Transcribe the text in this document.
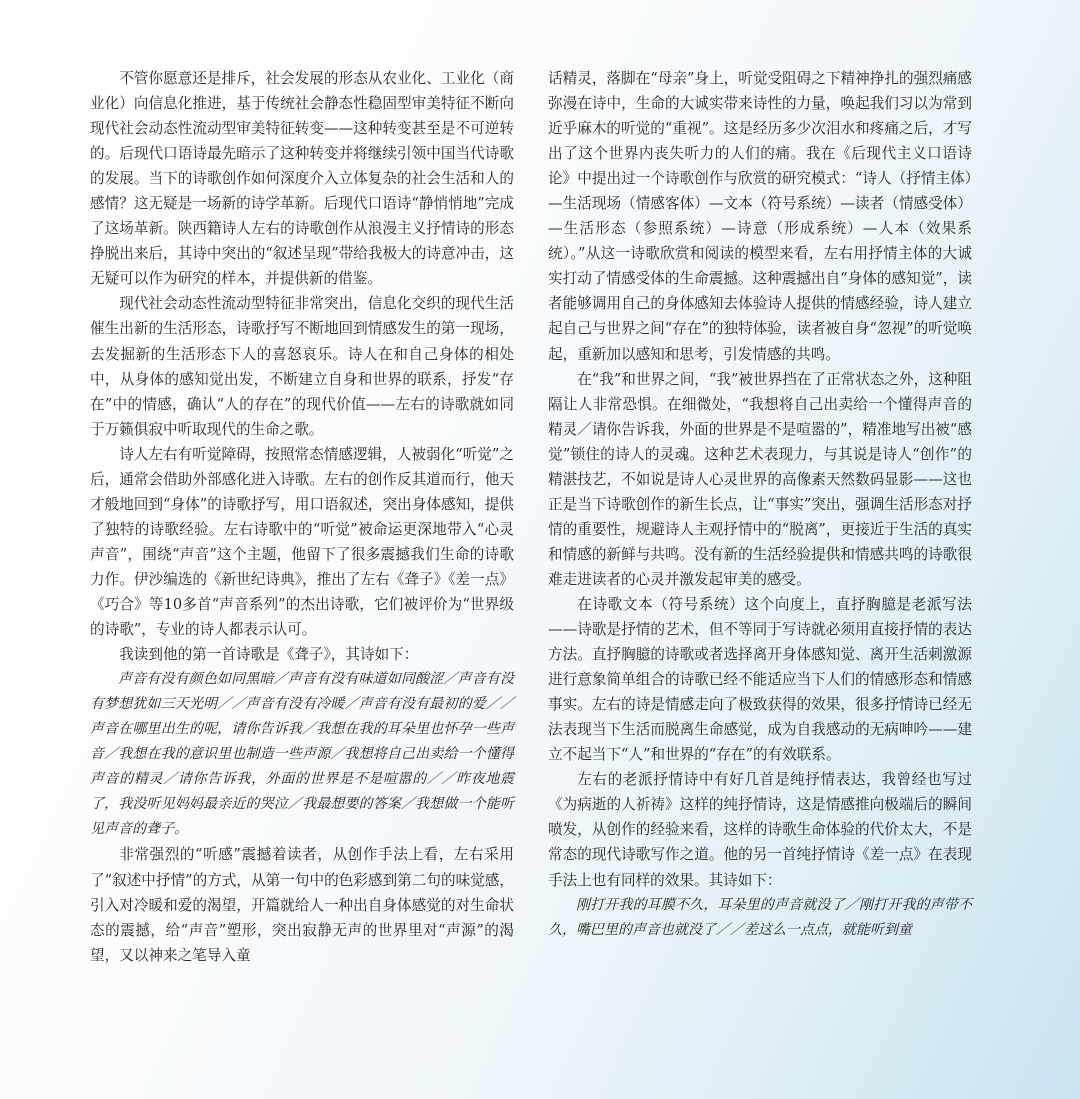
不管你愿意还是排斥，社会发展的形态从农业化、工业化（商业化）向信息化推进，基于传统社会静态性稳固型审美特征不断向现代社会动态性流动型审美特征转变——这种转变甚至是不可逆转的。后现代口语诗最先暗示了这种转变并将继续引领中国当代诗歌的发展。当下的诗歌创作如何深度介入立体复杂的社会生活和人的感情？这无疑是一场新的诗学革新。后现代口语诗“静悄悄地”完成了这场革新。陕西籍诗人左右的诗歌创作从浪漫主义抒情诗的形态挣脱出来后，其诗中突出的“叙述呈现”带给我极大的诗意冲击，这无疑可以作为研究的样本，并提供新的借鉴。

现代社会动态性流动型特征非常突出，信息化交织的现代生活催生出新的生活形态，诗歌抒写不断地回到情感发生的第一现场，去发掘新的生活形态下人的喜怒哀乐。诗人在和自己身体的相处中，从身体的感知觉出发，不断建立自身和世界的联系，抒发“存在”中的情感，确认“人的存在”的现代价值——左右的诗歌就如同于万籁俱寂中听取现代的生命之歌。

诗人左右有听觉障碍，按照常态情感逻辑，人被弱化“听觉”之后，通常会借助外部感化进入诗歌。左右的创作反其道而行，他天才般地回到“身体”的诗歌抒写，用口语叙述，突出身体感知，提供了独特的诗歌经验。左右诗歌中的“听觉”被命运更深地带入“心灵声音”，围绕“声音”这个主题，他留下了很多震撼我们生命的诗歌力作。伊沙编选的《新世纪诗典》，推出了左右《聋子》《差一点》《巧合》等10多首“声音系列”的杰出诗歌，它们被评价为“世界级的诗歌”，专业的诗人都表示认可。

我读到他的第一首诗歌是《聋子》，其诗如下：

声音有没有颜色如同黑暗／声音有没有味道如同酸涩／声音有没有梦想犹如三天光明／／声音有没有冷暖／声音有没有最初的爱／／声音在哪里出生的呢，请你告诉我／我想在我的耳朵里也怀孕一些声音／我想在我的意识里也制造一些声源／我想将自己出卖给一个懂得声音的精灵／请你告诉我，外面的世界是不是喧嚣的／／昨夜地震了，我没听见妈妈最亲近的哭泣／我最想要的答案／我想做一个能听见声音的聋子。

非常强烈的“听感”震撼着读者，从创作手法上看，左右采用了“叙述中抒情”的方式，从第一句中的色彩感到第二句的味觉感，引入对冷暖和爱的渴望，开篇就给人一种出自身体感觉的对生命状态的震撼，给“声音”塑形，突出寂静无声的世界里对“声源”的渴望，又以神来之笔导入童

话精灵，落脚在“母亲”身上，听觉受阻碍之下精神挣扎的强烈痛感弥漫在诗中，生命的大诚实带来诗性的力量，唤起我们习以为常到近乎麻木的听觉的“重视”。这是经历多少次泪水和疼痛之后，才写出了这个世界内丧失听力的人们的痛。我在《后现代主义口语诗论》中提出过一个诗歌创作与欣赏的研究模式：“诗人（抒情主体）—生活现场（情感客体）—文本（符号系统）—读者（情感受体）—生活形态（参照系统）—诗意（形成系统）—人本（效果系统）。”从这一诗歌欣赏和阅读的模型来看，左右用抒情主体的大诚实打动了情感受体的生命震撼。这种震撼出自“身体的感知觉”，读者能够调用自己的身体感知去体验诗人提供的情感经验，诗人建立起自己与世界之间“存在”的独特体验，读者被自身“忽视”的听觉唤起，重新加以感知和思考，引发情感的共鸣。

在“我”和世界之间，“我”被世界挡在了正常状态之外，这种阻隔让人非常恐惧。在细微处，“我想将自己出卖给一个懂得声音的精灵／请你告诉我，外面的世界是不是喧嚣的”，精准地写出被“感觉”锁住的诗人的灵魂。这种艺术表现力，与其说是诗人“创作”的精湛技艺，不如说是诗人心灵世界的高像素天然数码显影——这也正是当下诗歌创作的新生长点，让“事实”突出，强调生活形态对抒情的重要性，规避诗人主观抒情中的“脱离”，更接近于生活的真实和情感的新鲜与共鸣。没有新的生活经验提供和情感共鸣的诗歌很难走进读者的心灵并激发起审美的感受。

在诗歌文本（符号系统）这个向度上，直抒胸臆是老派写法——诗歌是抒情的艺术，但不等同于写诗就必须用直接抒情的表达方法。直抒胸臆的诗歌或者选择离开身体感知觉、离开生活刺激源进行意象简单组合的诗歌已经不能适应当下人们的情感形态和情感事实。左右的诗是情感走向了极致获得的效果，很多抒情诗已经无法表现当下生活而脱离生命感觉，成为自我感动的无病呻吟——建立不起当下“人”和世界的“存在”的有效联系。

左右的老派抒情诗中有好几首是纯抒情表达，我曾经也写过《为病逝的人祈祷》这样的纯抒情诗，这是情感推向极端后的瞬间喷发，从创作的经验来看，这样的诗歌生命体验的代价太大，不是常态的现代诗歌写作之道。他的另一首纯抒情诗《差一点》在表现手法上也有同样的效果。其诗如下：

刚打开我的耳膜不久，耳朵里的声音就没了／刚打开我的声带不久，嘴巴里的声音也就没了／／差这么一点点，就能听到童
